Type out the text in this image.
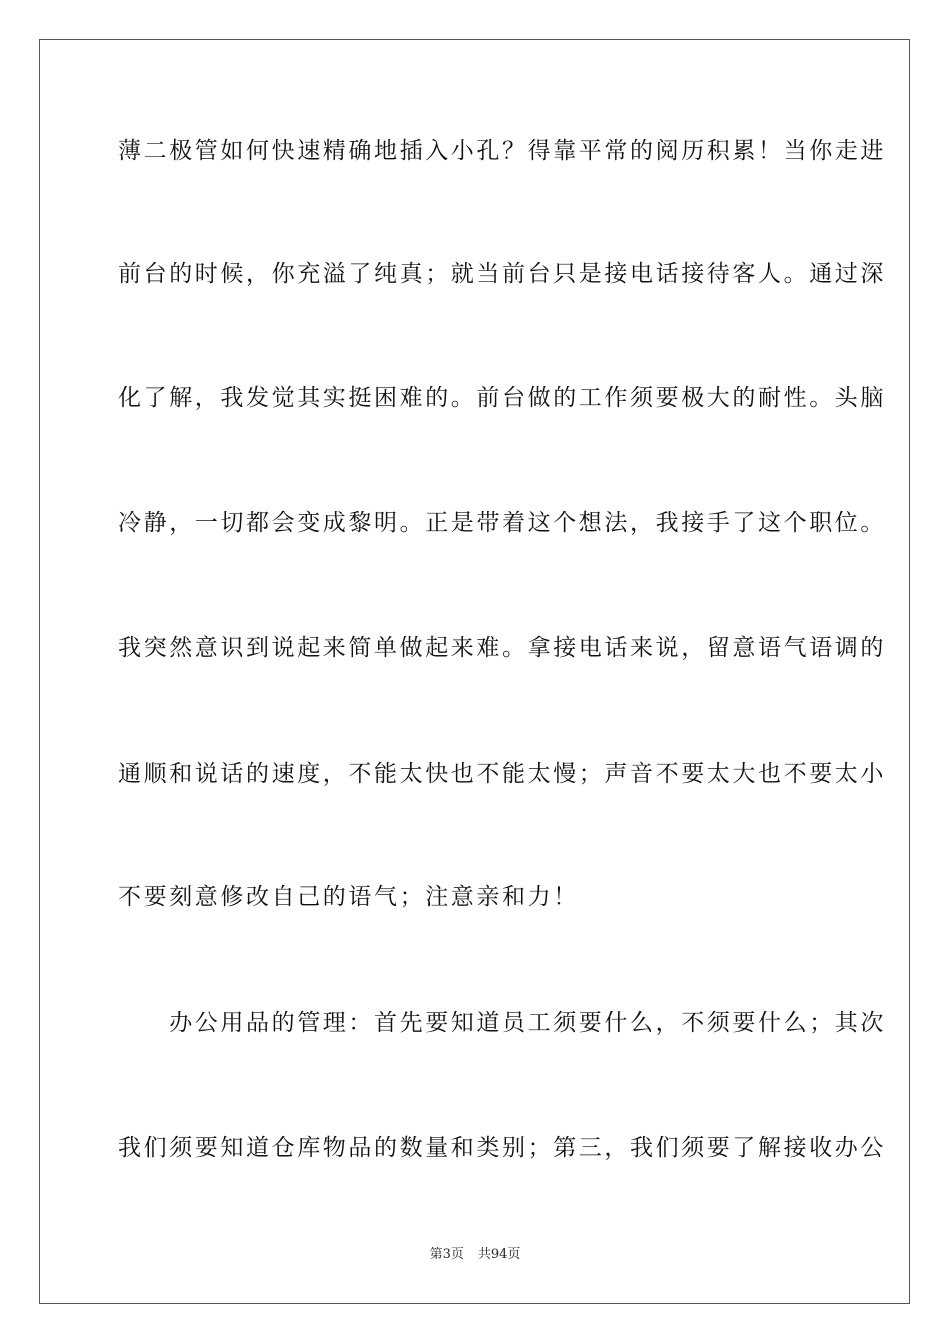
薄二极管如何快速精确地插入小孔？得靠平常的阅历积累！当你走进
前台的时候，你充溢了纯真；就当前台只是接电话接待客人。通过深
化了解，我发觉其实挺困难的。前台做的工作须要极大的耐性。头脑
冷静，一切都会变成黎明。正是带着这个想法，我接手了这个职位。
我突然意识到说起来简单做起来难。拿接电话来说，留意语气语调的
通顺和说话的速度，不能太快也不能太慢；声音不要太大也不要太小
不要刻意修改自己的语气；注意亲和力！
　　办公用品的管理：首先要知道员工须要什么，不须要什么；其次
我们须要知道仓库物品的数量和类别；第三，我们须要了解接收办公
第3页 共94页
